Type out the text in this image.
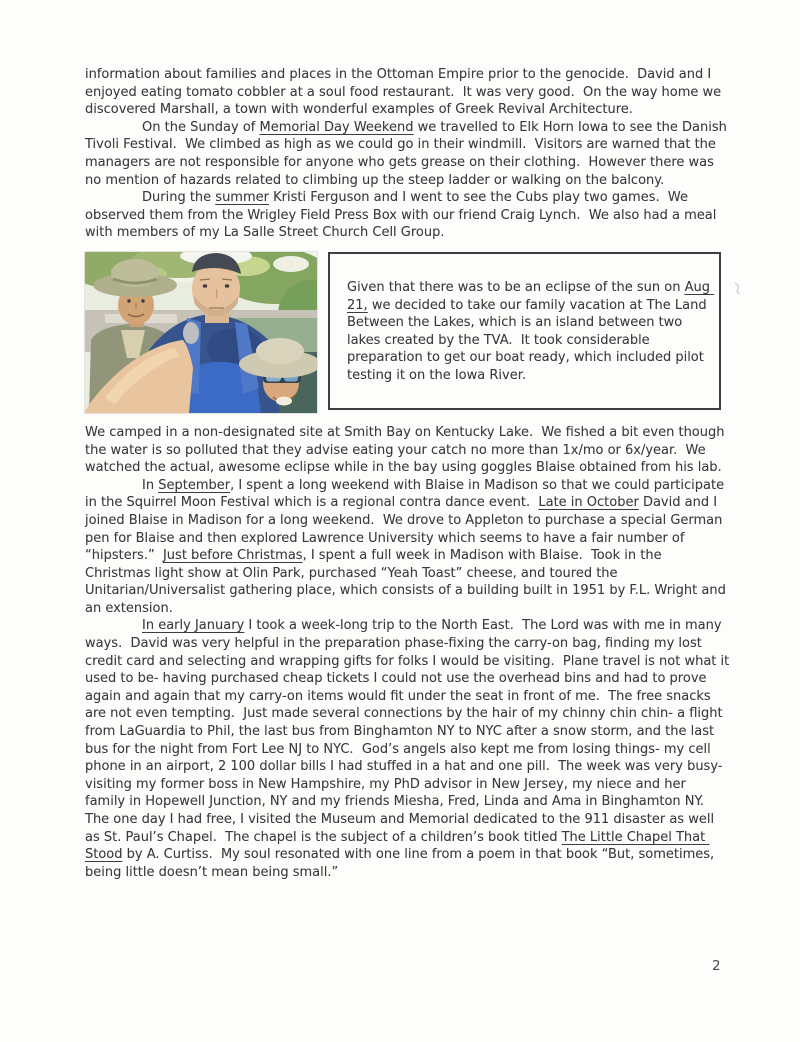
information about families and places in the Ottoman Empire prior to the genocide.  David and I enjoyed eating tomato cobbler at a soul food restaurant.  It was very good.  On the way home we discovered Marshall, a town with wonderful examples of Greek Revival Architecture.

On the Sunday of Memorial Day Weekend we travelled to Elk Horn Iowa to see the Danish Tivoli Festival.  We climbed as high as we could go in their windmill.  Visitors are warned that the managers are not responsible for anyone who gets grease on their clothing.  However there was no mention of hazards related to climbing up the steep ladder or walking on the balcony.

During the summer Kristi Ferguson and I went to see the Cubs play two games.  We observed them from the Wrigley Field Press Box with our friend Craig Lynch.  We also had a meal with members of my La Salle Street Church Cell Group.

Given that there was to be an eclipse of the sun on Aug 21, we decided to take our family vacation at The Land Between the Lakes, which is an island between two lakes created by the TVA.  It took considerable preparation to get our boat ready, which included pilot testing it on the Iowa River.

We camped in a non-designated site at Smith Bay on Kentucky Lake.  We fished a bit even though the water is so polluted that they advise eating your catch no more than 1x/mo or 6x/year.  We watched the actual, awesome eclipse while in the bay using goggles Blaise obtained from his lab.

In September, I spent a long weekend with Blaise in Madison so that we could participate in the Squirrel Moon Festival which is a regional contra dance event.  Late in October David and I joined Blaise in Madison for a long weekend.  We drove to Appleton to purchase a special German pen for Blaise and then explored Lawrence University which seems to have a fair number of “hipsters.”  Just before Christmas, I spent a full week in Madison with Blaise.  Took in the Christmas light show at Olin Park, purchased “Yeah Toast” cheese, and toured the Unitarian/Universalist gathering place, which consists of a building built in 1951 by F.L. Wright and an extension.

In early January I took a week-long trip to the North East.  The Lord was with me in many ways.  David was very helpful in the preparation phase-fixing the carry-on bag, finding my lost credit card and selecting and wrapping gifts for folks I would be visiting.  Plane travel is not what it used to be- having purchased cheap tickets I could not use the overhead bins and had to prove again and again that my carry-on items would fit under the seat in front of me.  The free snacks are not even tempting.  Just made several connections by the hair of my chinny chin chin- a flight from LaGuardia to Phil, the last bus from Binghamton NY to NYC after a snow storm, and the last bus for the night from Fort Lee NJ to NYC.  God’s angels also kept me from losing things- my cell phone in an airport, 2 100 dollar bills I had stuffed in a hat and one pill.  The week was very busy- visiting my former boss in New Hampshire, my PhD advisor in New Jersey, my niece and her family in Hopewell Junction, NY and my friends Miesha, Fred, Linda and Ama in Binghamton NY.  The one day I had free, I visited the Museum and Memorial dedicated to the 911 disaster as well as St. Paul’s Chapel.  The chapel is the subject of a children’s book titled The Little Chapel That Stood by A. Curtiss.  My soul resonated with one line from a poem in that book “But, sometimes, being little doesn’t mean being small.”

2
